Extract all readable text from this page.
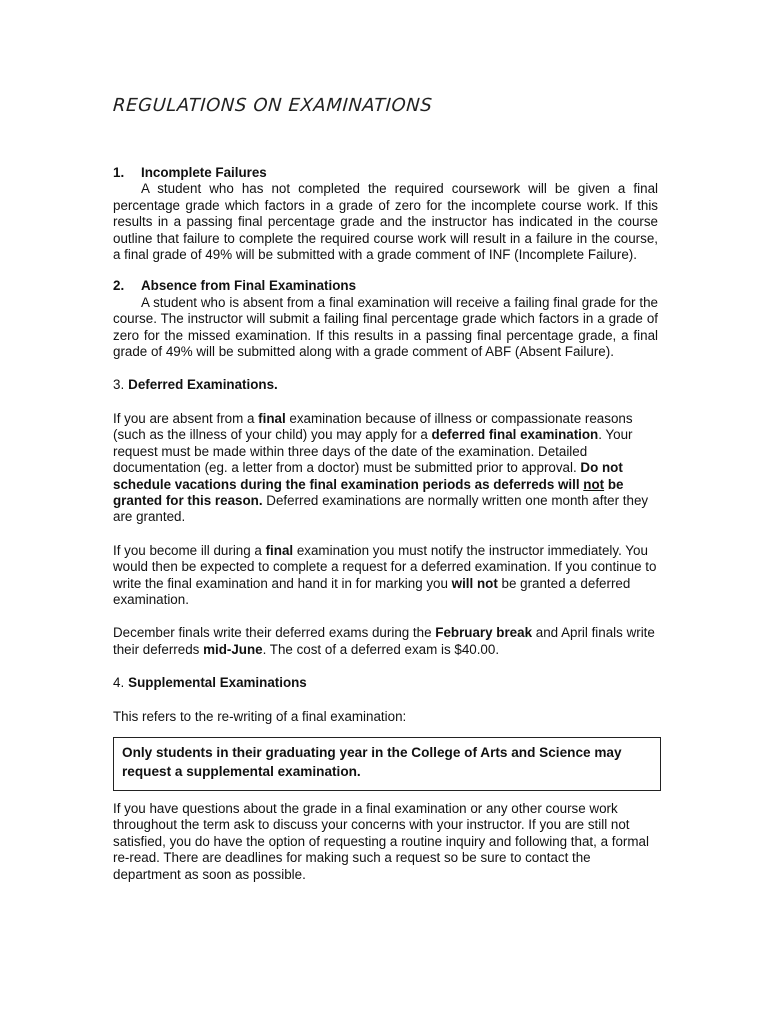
REGULATIONS ON EXAMINATIONS
1. Incomplete Failures

A student who has not completed the required coursework will be given a final percentage grade which factors in a grade of zero for the incomplete course work. If this results in a passing final percentage grade and the instructor has indicated in the course outline that failure to complete the required course work will result in a failure in the course, a final grade of 49% will be submitted with a grade comment of INF (Incomplete Failure).

2. Absence from Final Examinations

A student who is absent from a final examination will receive a failing final grade for the course. The instructor will submit a failing final percentage grade which factors in a grade of zero for the missed examination. If this results in a passing final percentage grade, a final grade of 49% will be submitted along with a grade comment of ABF (Absent Failure).

3. Deferred Examinations.

If you are absent from a final examination because of illness or compassionate reasons (such as the illness of your child) you may apply for a deferred final examination. Your request must be made within three days of the date of the examination. Detailed documentation (eg. a letter from a doctor) must be submitted prior to approval. Do not schedule vacations during the final examination periods as deferreds will not be granted for this reason. Deferred examinations are normally written one month after they are granted.

If you become ill during a final examination you must notify the instructor immediately. You would then be expected to complete a request for a deferred examination. If you continue to write the final examination and hand it in for marking you will not be granted a deferred examination.

December finals write their deferred exams during the February break and April finals write their deferreds mid-June. The cost of a deferred exam is $40.00.

4. Supplemental Examinations

This refers to the re-writing of a final examination:

Only students in their graduating year in the College of Arts and Science may request a supplemental examination.

If you have questions about the grade in a final examination or any other course work throughout the term ask to discuss your concerns with your instructor. If you are still not satisfied, you do have the option of requesting a routine inquiry and following that, a formal re-read. There are deadlines for making such a request so be sure to contact the department as soon as possible.
